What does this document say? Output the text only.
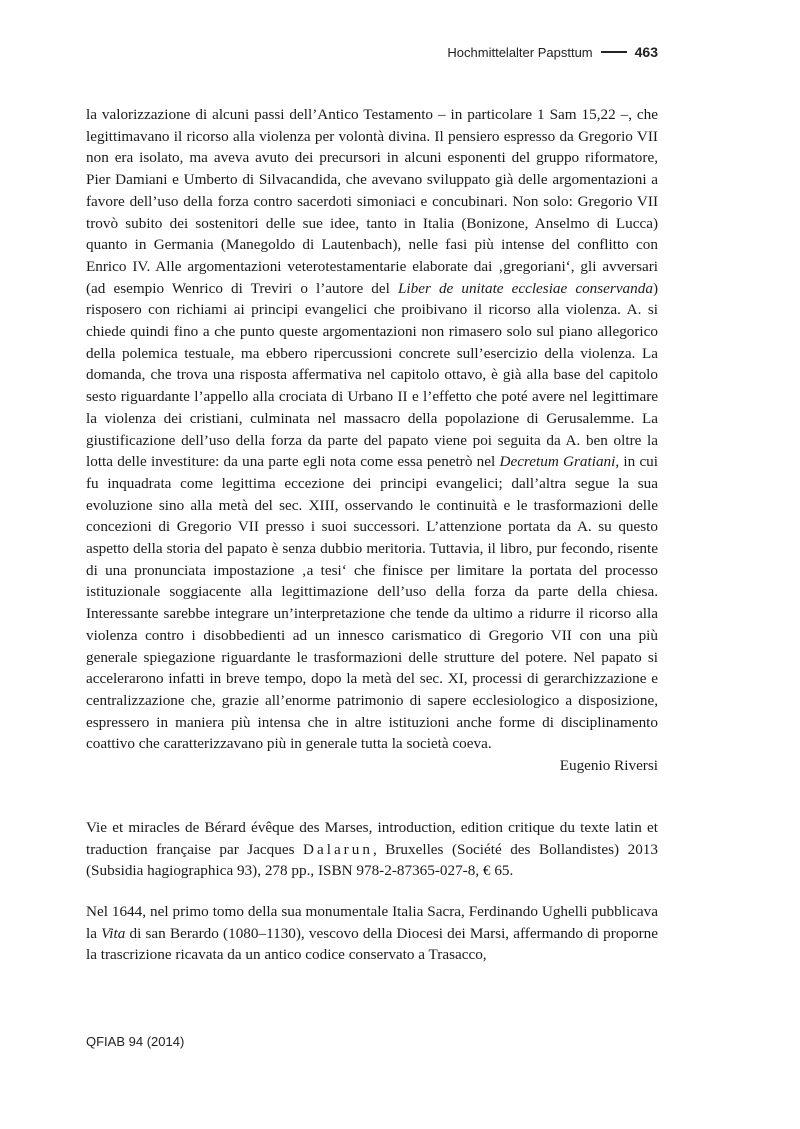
Hochmittelalter Papsttum	463

la valorizzazione di alcuni passi dell’Antico Testamento – in particolare 1 Sam 15,22 –, che legittimavano il ricorso alla violenza per volontà divina. Il pensiero espresso da Gregorio VII non era isolato, ma aveva avuto dei precursori in alcuni esponenti del gruppo riformatore, Pier Damiani e Umberto di Silvacandida, che avevano sviluppato già delle argomentazioni a favore dell’uso della forza contro sacerdoti simoniaci e concubinari. Non solo: Gregorio VII trovò subito dei sostenitori delle sue idee, tanto in Italia (Bonizone, Anselmo di Lucca) quanto in Germania (Manegoldo di Lautenbach), nelle fasi più intense del conflitto con Enrico IV. Alle argomentazioni veterotestamentarie elaborate dai ‚gregoriani‘, gli avversari (ad esempio Wenrico di Treviri o l’autore del Liber de unitate ecclesiae conservanda) risposero con richiami ai principi evangelici che proibivano il ricorso alla violenza. A. si chiede quindi fino a che punto queste argomentazioni non rimasero solo sul piano allegorico della polemica testuale, ma ebbero ripercussioni concrete sull’esercizio della violenza. La domanda, che trova una risposta affermativa nel capitolo ottavo, è già alla base del capitolo sesto riguardante l’appello alla crociata di Urbano II e l’effetto che poté avere nel legittimare la violenza dei cristiani, culminata nel massacro della popolazione di Gerusalemme. La giustificazione dell’uso della forza da parte del papato viene poi seguita da A. ben oltre la lotta delle investiture: da una parte egli nota come essa penetrò nel Decretum Gratiani, in cui fu inquadrata come legittima eccezione dei principi evangelici; dall’altra segue la sua evoluzione sino alla metà del sec. XIII, osservando le continuità e le trasformazioni delle concezioni di Gregorio VII presso i suoi successori. L’attenzione portata da A. su questo aspetto della storia del papato è senza dubbio meritoria. Tuttavia, il libro, pur fecondo, risente di una pronunciata impostazione ‚a tesi‘ che finisce per limitare la portata del processo istituzionale soggiacente alla legittimazione dell’uso della forza da parte della chiesa. Interessante sarebbe integrare un’interpretazione che tende da ultimo a ridurre il ricorso alla violenza contro i disobbedienti ad un innesco carismatico di Gregorio VII con una più generale spiegazione riguardante le trasformazioni delle strutture del potere. Nel papato si accelerarono infatti in breve tempo, dopo la metà del sec. XI, processi di gerarchizzazione e centralizzazione che, grazie all’enorme patrimonio di sapere ecclesiologico a disposizione, espressero in maniera più intensa che in altre istituzioni anche forme di disciplinamento coattivo che caratterizzavano più in generale tutta la società coeva.

Eugenio Riversi

Vie et miracles de Bérard évêque des Marses, introduction, edition critique du texte latin et traduction française par Jacques Dalarun, Bruxelles (Société des Bollandistes) 2013 (Subsidia hagiographica 93), 278 pp., ISBN 978-2-87365-027-8, € 65.

Nel 1644, nel primo tomo della sua monumentale Italia Sacra, Ferdinando Ughelli pubblicava la Vita di san Berardo (1080–1130), vescovo della Diocesi dei Marsi, affermando di proporne la trascrizione ricavata da un antico codice conservato a Trasacco,

QFIAB 94 (2014)
